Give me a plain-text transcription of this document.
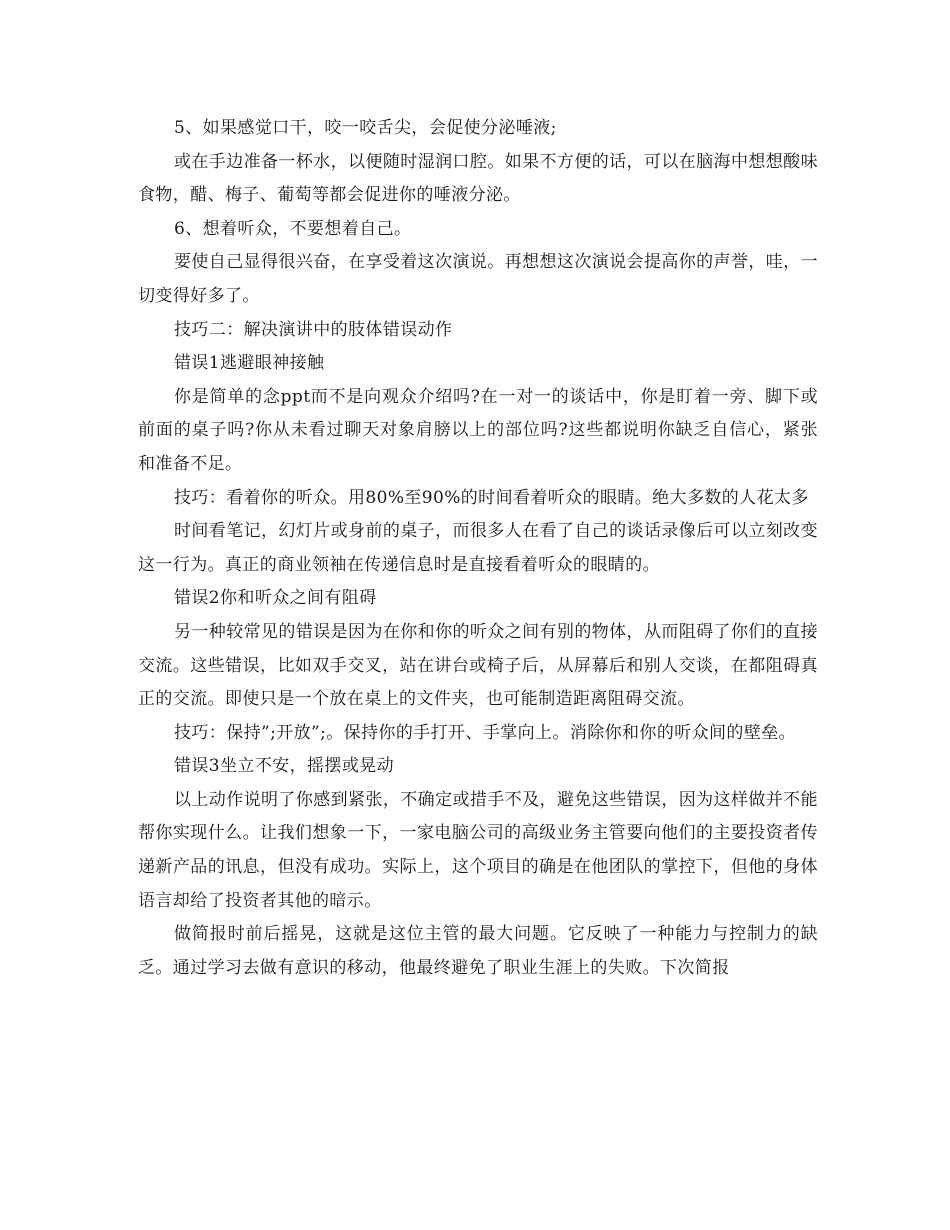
5、如果感觉口干，咬一咬舌尖，会促使分泌唾液;

或在手边准备一杯水，以便随时湿润口腔。如果不方便的话，可以在脑海中想想酸味食物，醋、梅子、葡萄等都会促进你的唾液分泌。

6、想着听众，不要想着自己。

要使自己显得很兴奋，在享受着这次演说。再想想这次演说会提高你的声誉，哇，一切变得好多了。

技巧二：解决演讲中的肢体错误动作

错误1逃避眼神接触

你是简单的念ppt而不是向观众介绍吗?在一对一的谈话中，你是盯着一旁、脚下或前面的桌子吗?你从未看过聊天对象肩膀以上的部位吗?这些都说明你缺乏自信心，紧张和准备不足。

技巧：看着你的听众。用80%至90%的时间看着听众的眼睛。绝大多数的人花太多

时间看笔记，幻灯片或身前的桌子，而很多人在看了自己的谈话录像后可以立刻改变这一行为。真正的商业领袖在传递信息时是直接看着听众的眼睛的。

错误2你和听众之间有阻碍

另一种较常见的错误是因为在你和你的听众之间有别的物体，从而阻碍了你们的直接交流。这些错误，比如双手交叉，站在讲台或椅子后，从屏幕后和别人交谈，在都阻碍真正的交流。即使只是一个放在桌上的文件夹，也可能制造距离阻碍交流。

技巧：保持”;开放”;。保持你的手打开、手掌向上。消除你和你的听众间的壁垒。

错误3坐立不安，摇摆或晃动

以上动作说明了你感到紧张，不确定或措手不及，避免这些错误，因为这样做并不能帮你实现什么。让我们想象一下，一家电脑公司的高级业务主管要向他们的主要投资者传递新产品的讯息，但没有成功。实际上，这个项目的确是在他团队的掌控下，但他的身体语言却给了投资者其他的暗示。

做简报时前后摇晃，这就是这位主管的最大问题。它反映了一种能力与控制力的缺乏。通过学习去做有意识的移动，他最终避免了职业生涯上的失败。下次简报
